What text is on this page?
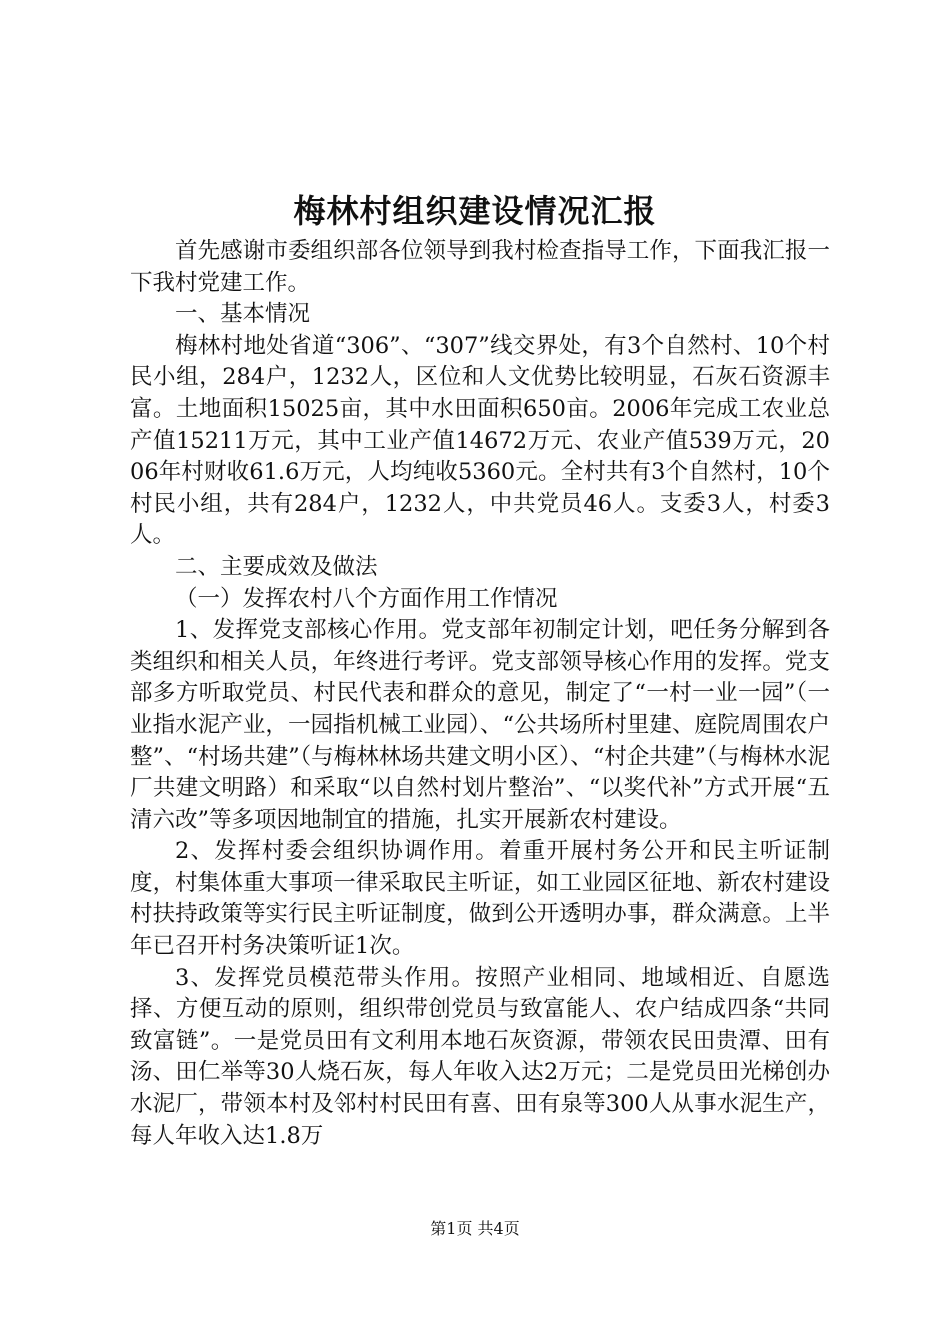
梅林村组织建设情况汇报

首先感谢市委组织部各位领导到我村检查指导工作，下面我汇报一下我村党建工作。

一、基本情况

梅林村地处省道“306”、“307”线交界处，有3个自然村、10个村民小组，284户，1232人，区位和人文优势比较明显，石灰石资源丰富。土地面积15025亩，其中水田面积650亩。2006年完成工农业总产值15211万元，其中工业产值14672万元、农业产值539万元，2006年村财收61.6万元，人均纯收5360元。全村共有3个自然村，10个村民小组，共有284户，1232人，中共党员46人。支委3人，村委3人。

二、主要成效及做法

（一）发挥农村八个方面作用工作情况

1、发挥党支部核心作用。党支部年初制定计划，吧任务分解到各类组织和相关人员，年终进行考评。党支部领导核心作用的发挥。党支部多方听取党员、村民代表和群众的意见，制定了“一村一业一园”（一业指水泥产业，一园指机械工业园）、“公共场所村里建、庭院周围农户整”、“村场共建”（与梅林林场共建文明小区）、“村企共建”（与梅林水泥厂共建文明路）和采取“以自然村划片整治”、“以奖代补”方式开展“五清六改”等多项因地制宜的措施，扎实开展新农村建设。

2、发挥村委会组织协调作用。着重开展村务公开和民主听证制度，村集体重大事项一律采取民主听证，如工业园区征地、新农村建设村扶持政策等实行民主听证制度，做到公开透明办事，群众满意。上半年已召开村务决策听证1次。

3、发挥党员模范带头作用。按照产业相同、地域相近、自愿选择、方便互动的原则，组织带创党员与致富能人、农户结成四条“共同致富链”。一是党员田有文利用本地石灰资源，带领农民田贵潭、田有汤、田仁举等30人烧石灰，每人年收入达2万元；二是党员田光梯创办水泥厂，带领本村及邻村村民田有喜、田有泉等300人从事水泥生产，每人年收入达1.8万

第1页 共4页
